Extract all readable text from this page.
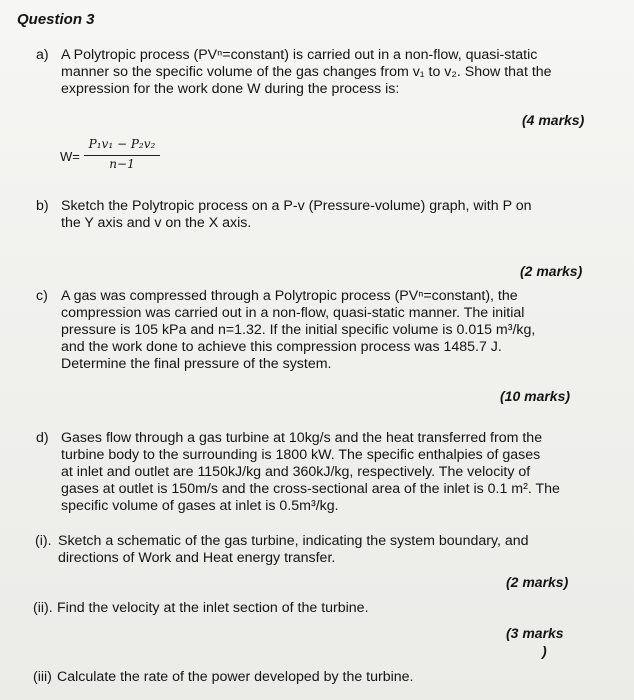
Question 3
a) A Polytropic process (PVⁿ=constant) is carried out in a non-flow, quasi-static
manner so the specific volume of the gas changes from v₁ to v₂. Show that the
expression for the work done W during the process is:
(4 marks)
W=
P₁v₁ − P₂v₂
n−1
b) Sketch the Polytropic process on a P-v (Pressure-volume) graph, with P on
the Y axis and v on the X axis.
(2 marks)
c) A gas was compressed through a Polytropic process (PVⁿ=constant), the
compression was carried out in a non-flow, quasi-static manner. The initial
pressure is 105 kPa and n=1.32. If the initial specific volume is 0.015 m³/kg,
and the work done to achieve this compression process was 1485.7 J.
Determine the final pressure of the system.
(10 marks)
d) Gases flow through a gas turbine at 10kg/s and the heat transferred from the
turbine body to the surrounding is 1800 kW. The specific enthalpies of gases
at inlet and outlet are 1150kJ/kg and 360kJ/kg, respectively. The velocity of
gases at outlet is 150m/s and the cross-sectional area of the inlet is 0.1 m². The
specific volume of gases at inlet is 0.5m³/kg.
(i). Sketch a schematic of the gas turbine, indicating the system boundary, and
directions of Work and Heat energy transfer.
(2 marks)
(ii). Find the velocity at the inlet section of the turbine.
(3 marks
)
(iii) Calculate the rate of the power developed by the turbine.
